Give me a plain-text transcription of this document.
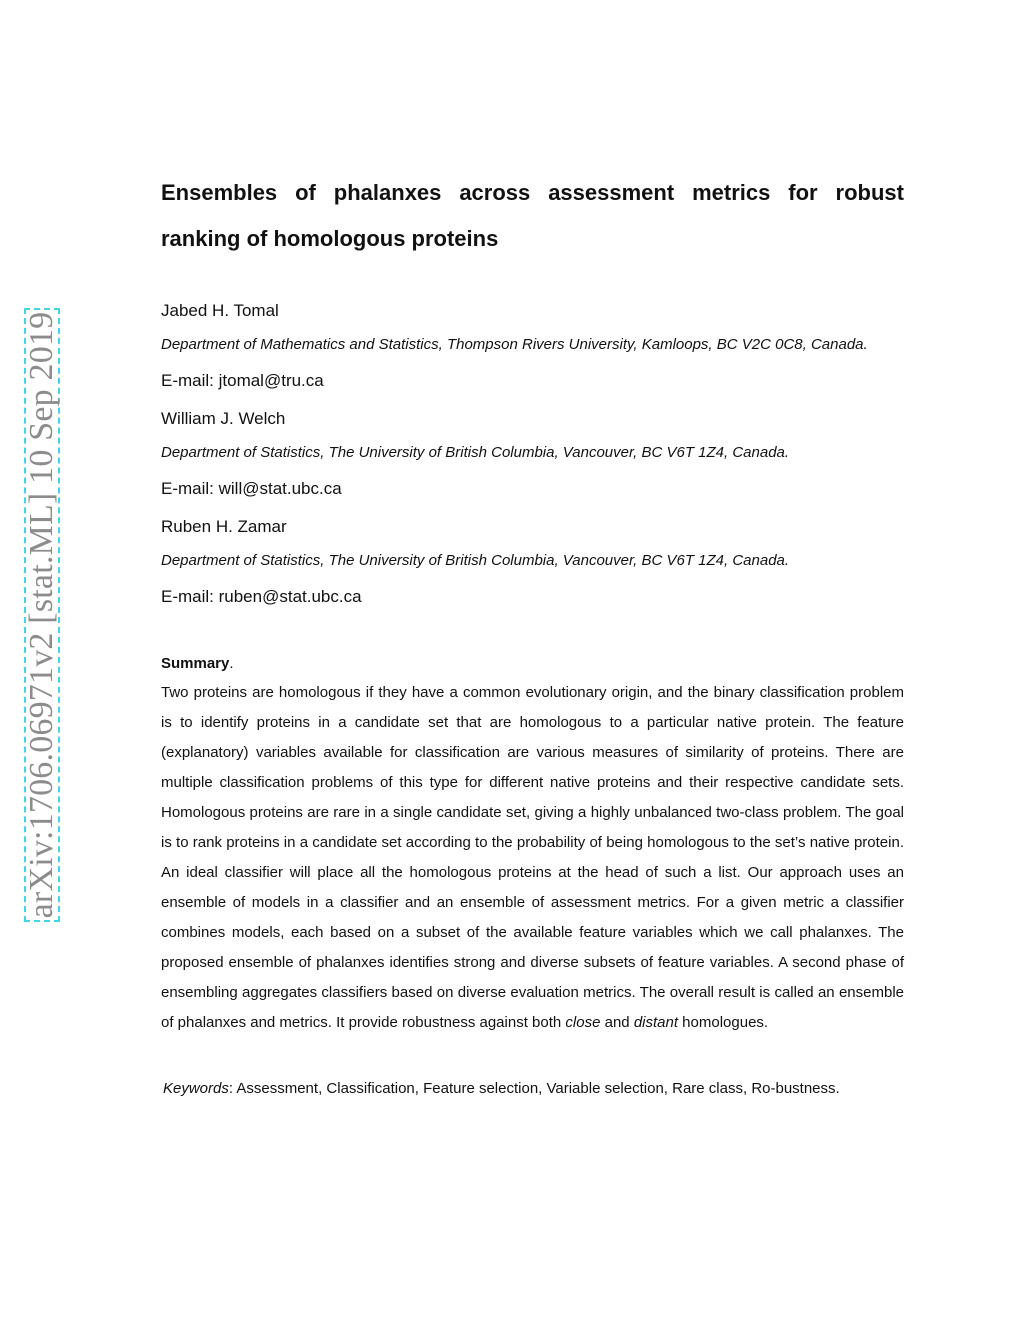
arXiv:1706.06971v2 [stat.ML] 10 Sep 2019
Ensembles of phalanxes across assessment metrics for robust ranking of homologous proteins
Jabed H. Tomal

Department of Mathematics and Statistics, Thompson Rivers University, Kamloops, BC V2C 0C8, Canada.

E-mail: jtomal@tru.ca
William J. Welch

Department of Statistics, The University of British Columbia, Vancouver, BC V6T 1Z4, Canada.

E-mail: will@stat.ubc.ca
Ruben H. Zamar

Department of Statistics, The University of British Columbia, Vancouver, BC V6T 1Z4, Canada.

E-mail: ruben@stat.ubc.ca
Summary.

Two proteins are homologous if they have a common evolutionary origin, and the binary classification problem is to identify proteins in a candidate set that are homologous to a particular native protein. The feature (explanatory) variables available for classification are various measures of similarity of proteins. There are multiple classification problems of this type for different native proteins and their respective candidate sets. Homologous proteins are rare in a single candidate set, giving a highly unbalanced two-class problem. The goal is to rank proteins in a candidate set according to the probability of being homologous to the set’s native protein. An ideal classifier will place all the homologous proteins at the head of such a list. Our approach uses an ensemble of models in a classifier and an ensemble of assessment metrics. For a given metric a classifier combines models, each based on a subset of the available feature variables which we call phalanxes. The proposed ensemble of phalanxes identifies strong and diverse subsets of feature variables. A second phase of ensembling aggregates classifiers based on diverse evaluation metrics. The overall result is called an ensemble of phalanxes and metrics. It provide robustness against both close and distant homologues.

Keywords: Assessment, Classification, Feature selection, Variable selection, Rare class, Ro-bustness.
